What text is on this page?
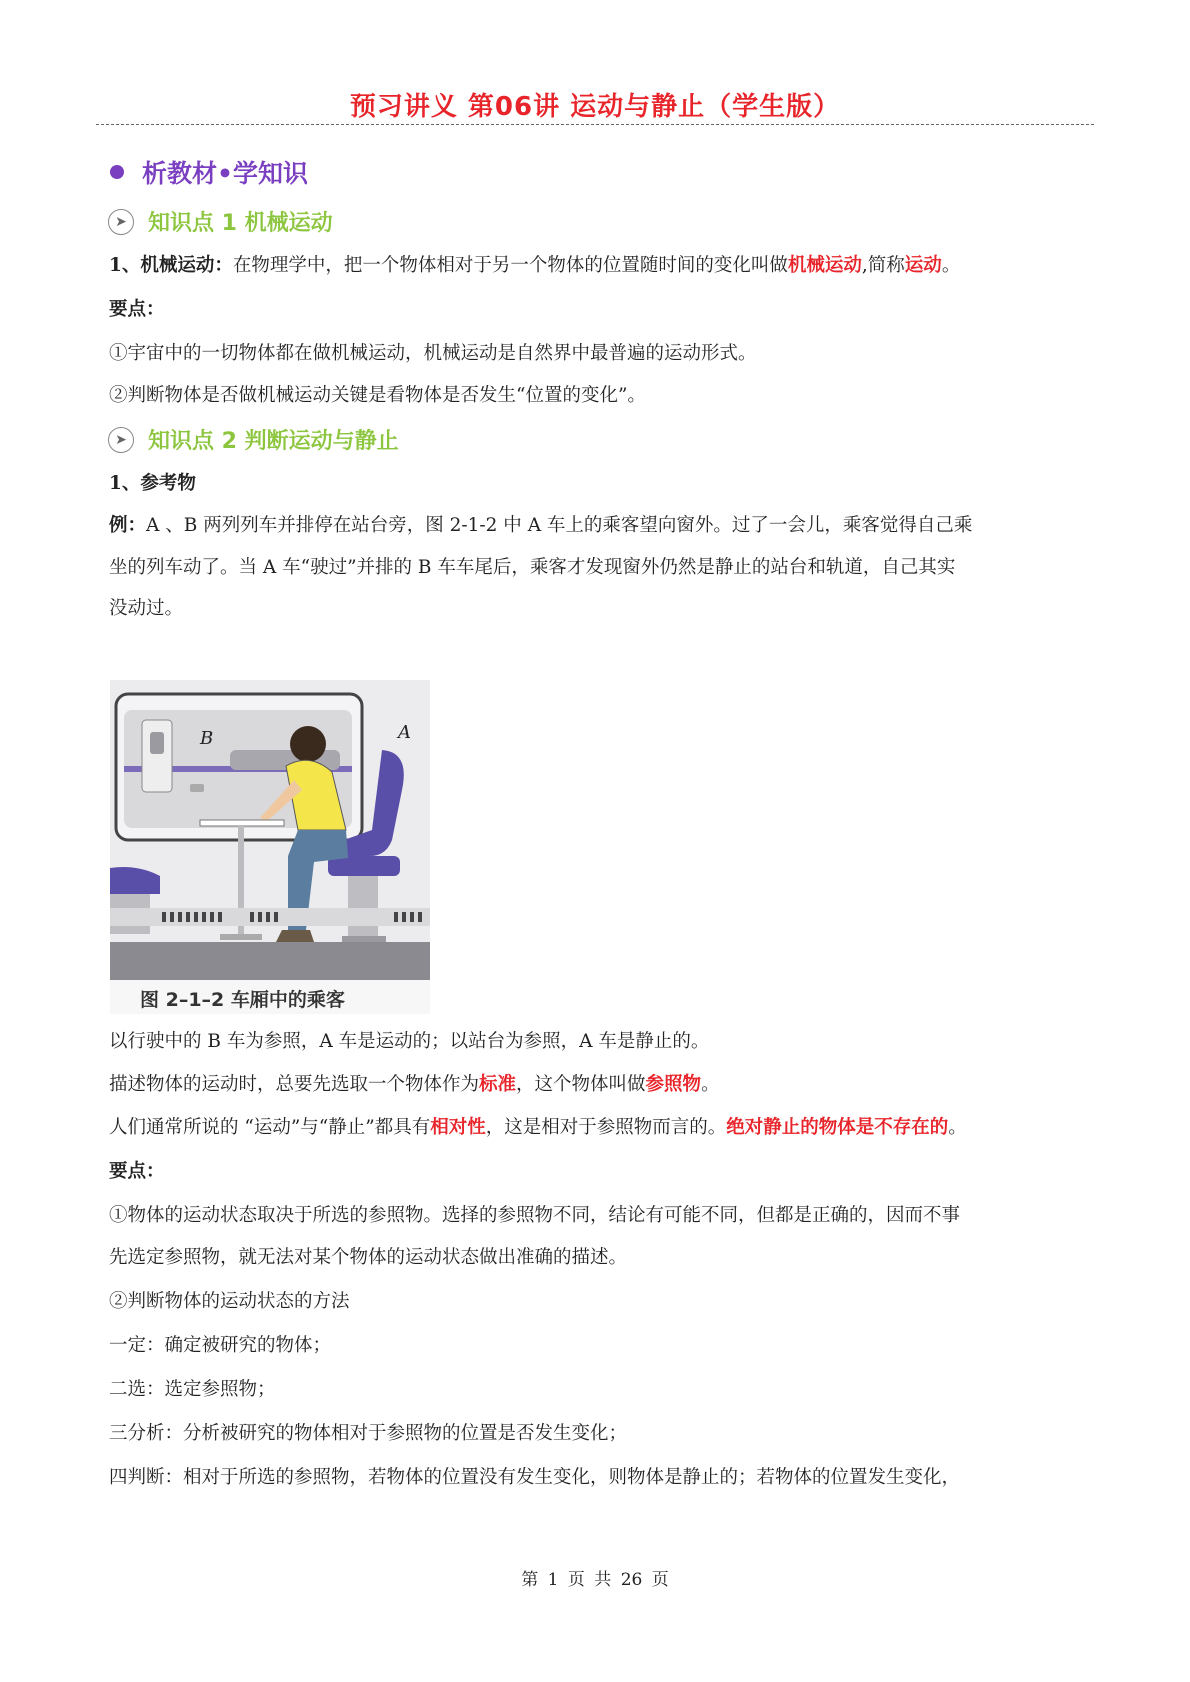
预习讲义 第06讲 运动与静止（学生版）
析教材•学知识
➤ 知识点 1 机械运动
1、机械运动：在物理学中，把一个物体相对于另一个物体的位置随时间的变化叫做机械运动,简称运动。
要点：
①宇宙中的一切物体都在做机械运动，机械运动是自然界中最普遍的运动形式。
②判断物体是否做机械运动关键是看物体是否发生“位置的变化”。
➤ 知识点 2 判断运动与静止
1、参考物
例：A 、B 两列列车并排停在站台旁，图 2-1-2 中 A 车上的乘客望向窗外。过了一会儿，乘客觉得自己乘
坐的列车动了。当 A 车“驶过”并排的 B 车车尾后，乘客才发现窗外仍然是静止的站台和轨道，自己其实
没动过。
B	A
图 2–1–2 车厢中的乘客
以行驶中的 B 车为参照，A 车是运动的；以站台为参照，A 车是静止的。
描述物体的运动时，总要先选取一个物体作为标准，这个物体叫做参照物。
人们通常所说的 “运动”与“静止”都具有相对性，这是相对于参照物而言的。绝对静止的物体是不存在的。
要点：
①物体的运动状态取决于所选的参照物。选择的参照物不同，结论有可能不同，但都是正确的，因而不事
先选定参照物，就无法对某个物体的运动状态做出准确的描述。
②判断物体的运动状态的方法
一定：确定被研究的物体；
二选：选定参照物；
三分析：分析被研究的物体相对于参照物的位置是否发生变化；
四判断：相对于所选的参照物，若物体的位置没有发生变化，则物体是静止的；若物体的位置发生变化，
第 1 页 共 26 页
